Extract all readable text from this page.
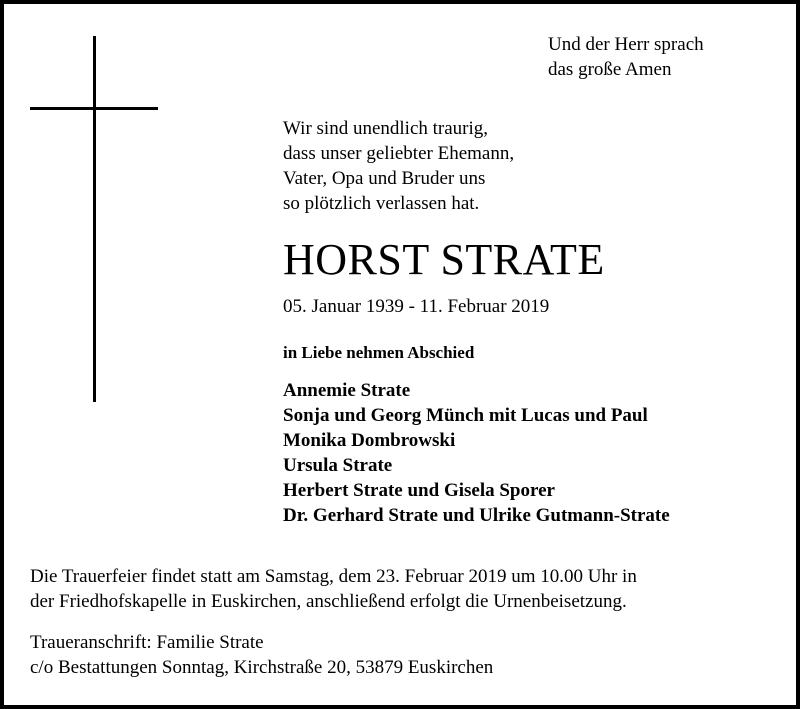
Und der Herr sprach
das große Amen
Wir sind unendlich traurig,
dass unser geliebter Ehemann,
Vater, Opa und Bruder uns
so plötzlich verlassen hat.
HORST STRATE
05. Januar 1939 - 11. Februar 2019
in Liebe nehmen Abschied
Annemie Strate
Sonja und Georg Münch mit Lucas und Paul
Monika Dombrowski
Ursula Strate
Herbert Strate und Gisela Sporer
Dr. Gerhard Strate und Ulrike Gutmann-Strate
Die Trauerfeier findet statt am Samstag, dem 23. Februar 2019 um 10.00 Uhr in
der Friedhofskapelle in Euskirchen, anschließend erfolgt die Urnenbeisetzung.
Traueranschrift: Familie Strate
c/o Bestattungen Sonntag, Kirchstraße 20, 53879 Euskirchen
